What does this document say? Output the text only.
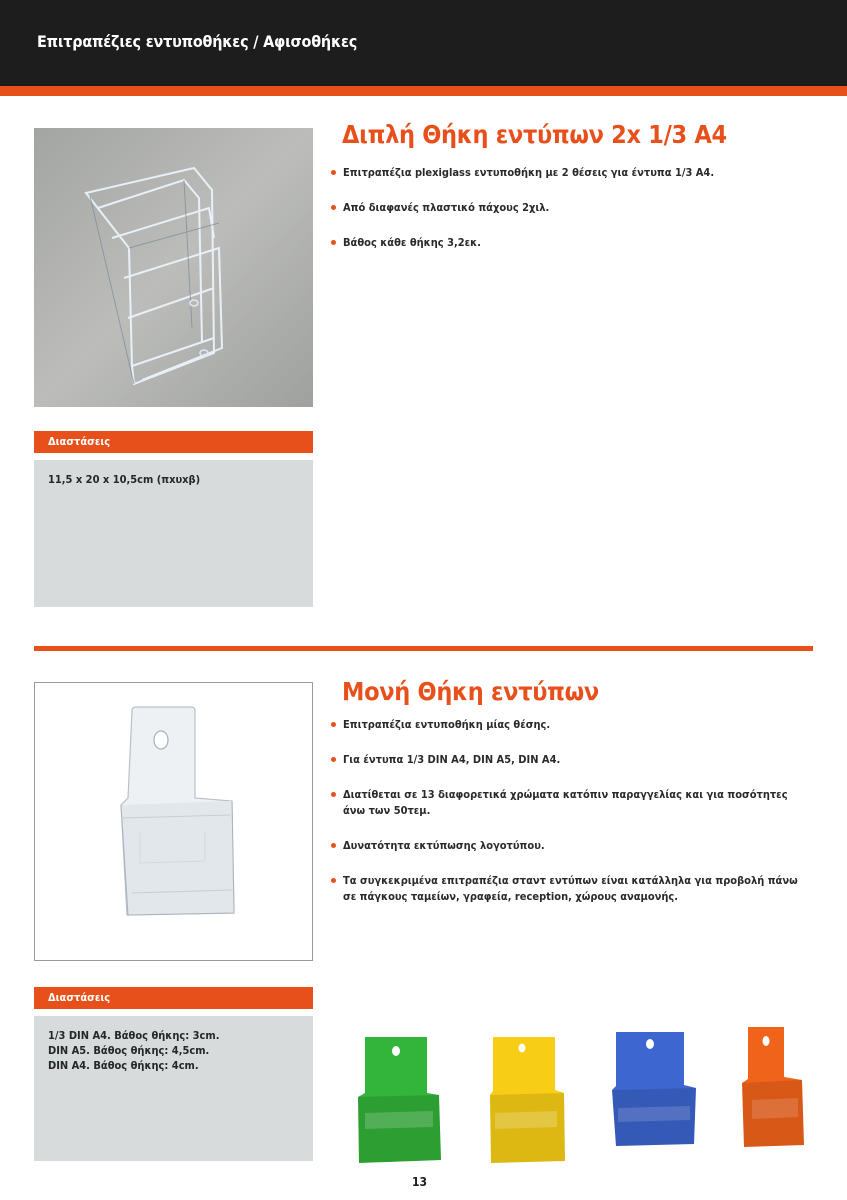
Επιτραπέζιες εντυποθήκες / Αφισοθήκες
Διπλή Θήκη εντύπων 2x 1/3 A4
Επιτραπέζια plexiglass εντυποθήκη με 2 θέσεις για έντυπα 1/3 A4.
Από διαφανές πλαστικό πάχους 2χιλ.
Βάθος κάθε θήκης 3,2εκ.
Διαστάσεις
11,5 x 20 x 10,5cm (πxυxβ)
Μονή Θήκη εντύπων
Επιτραπέζια εντυποθήκη μίας θέσης.
Για έντυπα 1/3 DIN A4, DIN A5, DIN A4.
Διατίθεται σε 13 διαφορετικά χρώματα κατόπιν παραγγελίας και για ποσότητες άνω των 50τεμ.
Δυνατότητα εκτύπωσης λογοτύπου.
Τα συγκεκριμένα επιτραπέζια σταντ εντύπων είναι κατάλληλα για προβολή πάνω σε πάγκους ταμείων, γραφεία, reception, χώρους αναμονής.
Διαστάσεις
1/3 DIN A4. Βάθος θήκης: 3cm.
DIN A5. Βάθος θήκης: 4,5cm.
DIN A4. Βάθος θήκης: 4cm.
13
